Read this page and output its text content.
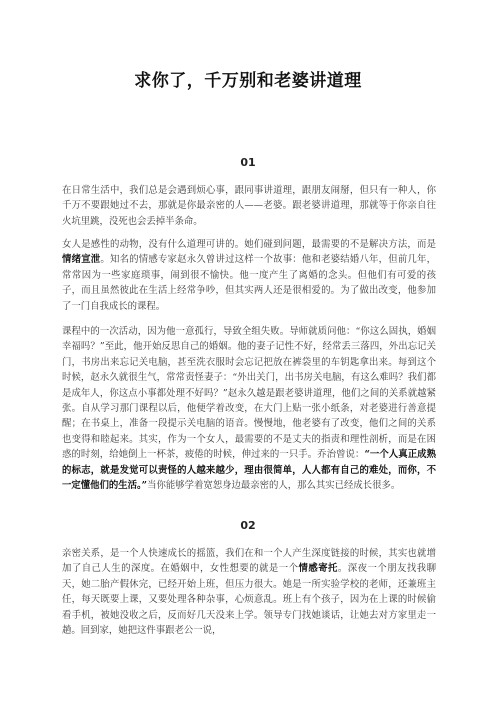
求你了，千万别和老婆讲道理
01

在日常生活中，我们总是会遇到烦心事，跟同事讲道理，跟朋友闹掰，但只有一种人，你千万不要跟她过不去，那就是你最亲密的人——老婆。跟老婆讲道理，那就等于你亲自往火坑里跳，没死也会丢掉半条命。

女人是感性的动物，没有什么道理可讲的。她们碰到问题，最需要的不是解决方法，而是情绪宣泄。知名的情感专家赵永久曾讲过这样一个故事：他和老婆结婚八年，但前几年，常常因为一些家庭琐事，闹到很不愉快。他一度产生了离婚的念头。但他们有可爱的孩子，而且虽然彼此在生活上经常争吵，但其实两人还是很相爱的。为了做出改变，他参加了一门自我成长的课程。

课程中的一次活动，因为他一意孤行，导致全组失败。导师就质问他：“你这么固执，婚姻幸福吗？”至此，他开始反思自己的婚姻。他的妻子记性不好，经常丢三落四，外出忘记关门，书房出来忘记关电脑，甚至洗衣服时会忘记把放在裤袋里的车钥匙拿出来。每到这个时候，赵永久就很生气，常常责怪妻子：“外出关门，出书房关电脑，有这么难吗？我们都是成年人，你这点小事都处理不好吗？”赵永久越是跟老婆讲道理，他们之间的关系就越紧张。自从学习那门课程以后，他便学着改变，在大门上贴一张小纸条，对老婆进行善意提醒；在书桌上，准备一段提示关电脑的语音。慢慢地，他老婆有了改变，他们之间的关系也变得和睦起来。其实，作为一个女人，最需要的不是丈夫的指责和理性剖析，而是在困惑的时刻，给她倒上一杯茶，疲倦的时候，伸过来的一只手。乔治曾说：“一个人真正成熟的标志，就是发觉可以责怪的人越来越少，理由很简单，人人都有自己的难处，而你，不一定懂他们的生活。”当你能够学着宽恕身边最亲密的人，那么其实已经成长很多。

02

亲密关系，是一个人快速成长的摇篮，我们在和一个人产生深度链接的时候，其实也就增加了自己人生的深度。在婚姻中，女性想要的就是一个情感寄托。深夜一个朋友找我聊天，她二胎产假休完，已经开始上班，但压力很大。她是一所实验学校的老师，还兼班主任，每天既要上课，又要处理各种杂事，心烦意乱。班上有个孩子，因为在上课的时候偷看手机，被她没收之后，反而好几天没来上学。领导专门找她谈话，让她去对方家里走一趟。回到家，她把这件事跟老公一说，
